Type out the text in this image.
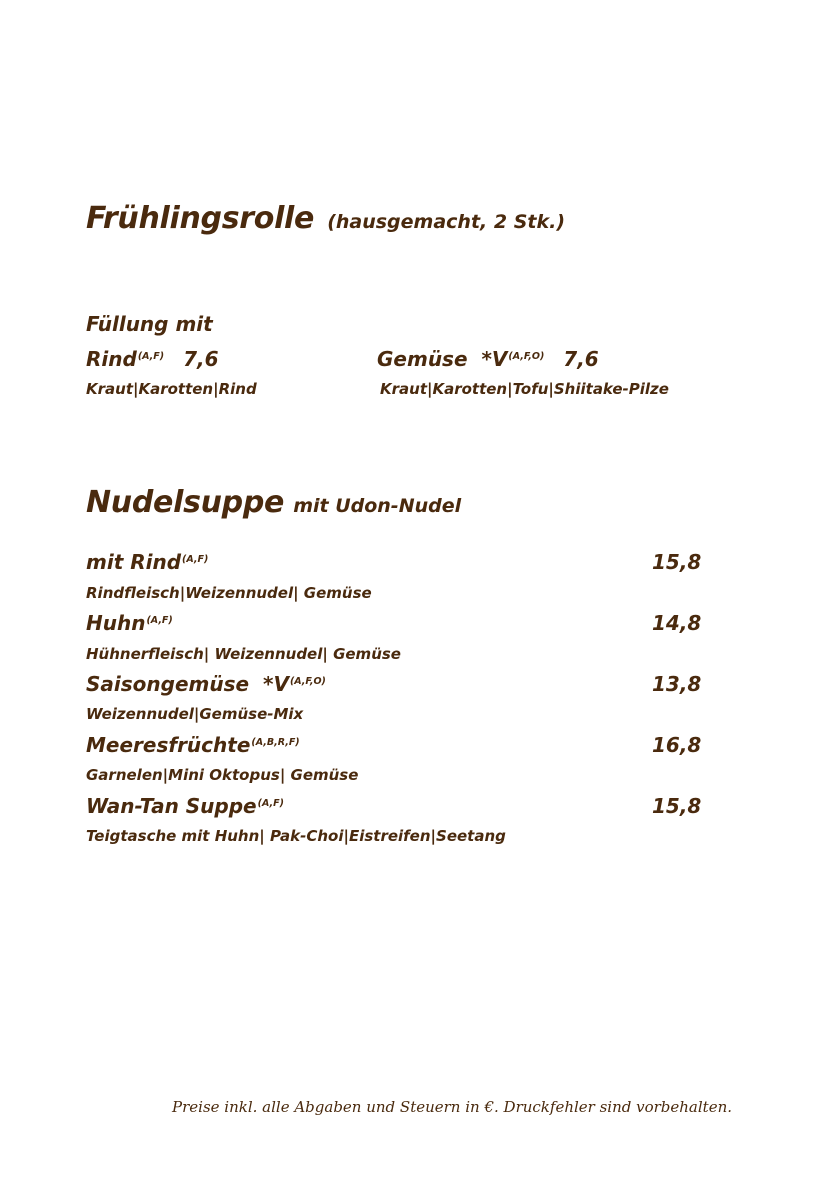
Frühlingsrolle (hausgemacht, 2 Stk.)
Füllung mit
Rind$^{(A,F)}$ 7,6
Kraut|Karotten|Rind
Gemüse  $*V^{(A,F,O)}$ 7,6
Kraut|Karotten|Tofu|Shiitake-Pilze
Nudelsuppe mit Udon-Nudel
mit Rind$^{(A,F)}$	15,8
Rindfleisch|Weizennudel| Gemüse
Huhn$^{(A,F)}$	14,8
Hühnerfleisch| Weizennudel| Gemüse
Saisongemüse  $*V^{(A,F,O)}$	13,8
Weizennudel|Gemüse-Mix
Meeresfrüchte$^{(A,B,R,F)}$	16,8
Garnelen|Mini Oktopus| Gemüse
Wan-Tan Suppe$^{(A,F)}$	15,8
Teigtasche mit Huhn| Pak-Choi|Eistreifen|Seetang
Preise inkl. alle Abgaben und Steuern in €. Druckfehler sind vorbehalten.
